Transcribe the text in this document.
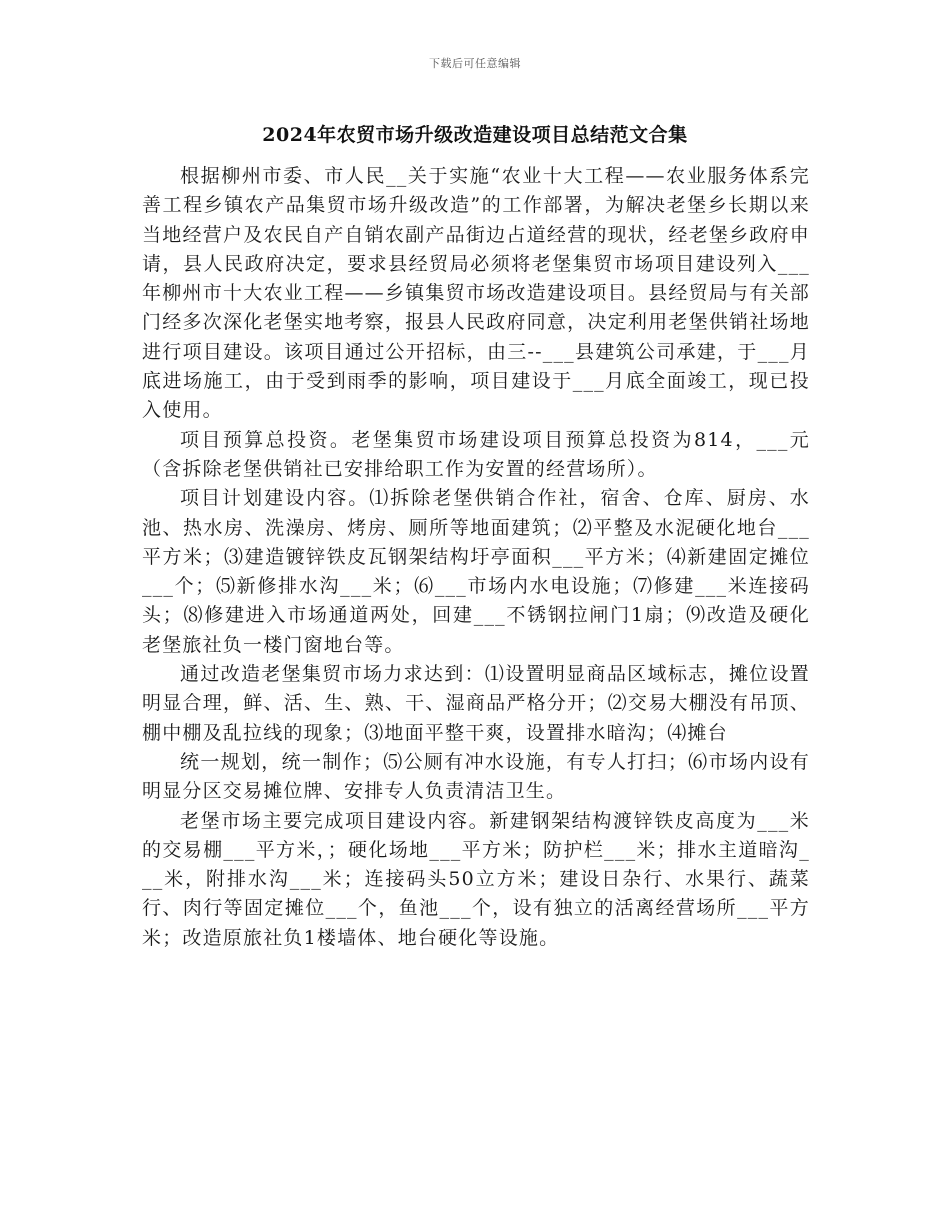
下载后可任意编辑
2024年农贸市场升级改造建设项目总结范文合集

根据柳州市委、市人民__关于实施“农业十大工程——农业服务体系完善工程乡镇农产品集贸市场升级改造”的工作部署，为解决老堡乡长期以来当地经营户及农民自产自销农副产品街边占道经营的现状，经老堡乡政府申请，县人民政府决定，要求县经贸局必须将老堡集贸市场项目建设列入___年柳州市十大农业工程——乡镇集贸市场改造建设项目。县经贸局与有关部门经多次深化老堡实地考察，报县人民政府同意，决定利用老堡供销社场地进行项目建设。该项目通过公开招标，由三--___县建筑公司承建，于___月底进场施工，由于受到雨季的影响，项目建设于___月底全面竣工，现已投入使用。

项目预算总投资。老堡集贸市场建设项目预算总投资为814，___元（含拆除老堡供销社已安排给职工作为安置的经营场所）。

项目计划建设内容。⑴拆除老堡供销合作社，宿舍、仓库、厨房、水池、热水房、洗澡房、烤房、厕所等地面建筑；⑵平整及水泥硬化地台___平方米；⑶建造镀锌铁皮瓦钢架结构圩亭面积___平方米；⑷新建固定摊位___个；⑸新修排水沟___米；⑹___市场内水电设施；⑺修建___米连接码头；⑻修建进入市场通道两处，回建___不锈钢拉闸门1扇；⑼改造及硬化老堡旅社负一楼门窗地台等。

通过改造老堡集贸市场力求达到：⑴设置明显商品区域标志，摊位设置明显合理，鲜、活、生、熟、干、湿商品严格分开；⑵交易大棚没有吊顶、棚中棚及乱拉线的现象；⑶地面平整干爽，设置排水暗沟；⑷摊台

统一规划，统一制作；⑸公厕有冲水设施，有专人打扫；⑹市场内设有明显分区交易摊位牌、安排专人负责清洁卫生。

老堡市场主要完成项目建设内容。新建钢架结构渡锌铁皮高度为___米的交易棚___平方米，；硬化场地___平方米；防护栏___米；排水主道暗沟___米，附排水沟___米；连接码头50立方米；建设日杂行、水果行、蔬菜行、肉行等固定摊位___个，鱼池___个，设有独立的活离经营场所___平方米；改造原旅社负1楼墙体、地台硬化等设施。
